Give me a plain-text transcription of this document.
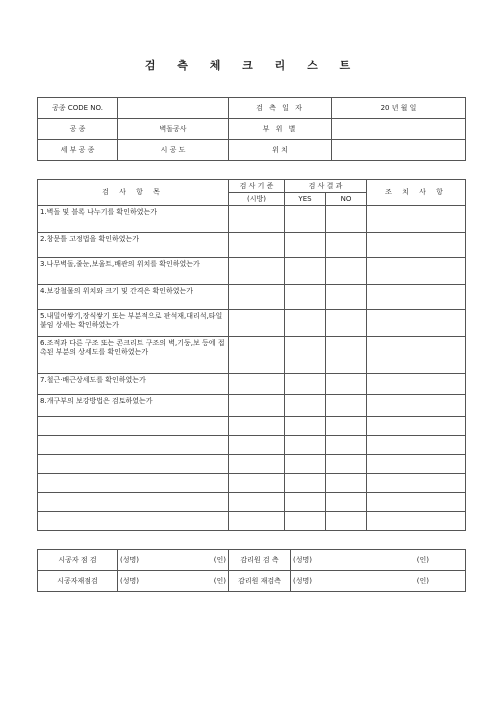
검 측 체 크 리 스 트
공종 CODE NO.		검 측 일 자	20 년 월 일
공 종	벽돌공사	부 위 별	
세 부 공 종	시 공 도	위 치	
검 사 항 목	검 사 기 준	검 사 결 과		조 치 사 항
	(시방)	YES	NO	
1.벽돌 및 블록 나누기를 확인하였는가				
2.창문틀 고정법을 확인하였는가				
3.나무벽돌,줄눈,보울트,배관의 위치를 확인하였는가				
4.보강철물의 위치와 크기 및 간격은 확인하였는가				
5.내밀어쌓기,장식쌓기 또는 부분적으로 판석재,대리석,타일붙임 상세는 확인하였는가				
6.조적과 다른 구조 또는 콘크리트 구조의 벽,기둥,보 등에 접촉된 부분의 상세도를 확인하였는가				
7.철근·배근상세도를 확인하였는가				
8.개구부의 보강방법은 검토하였는가				

시공자 점 검	(성명) (인)	감리원 검 측	(성명) (인)

시공자재점검	(성명) (인)	감리원 재검측	(성명) (인)
